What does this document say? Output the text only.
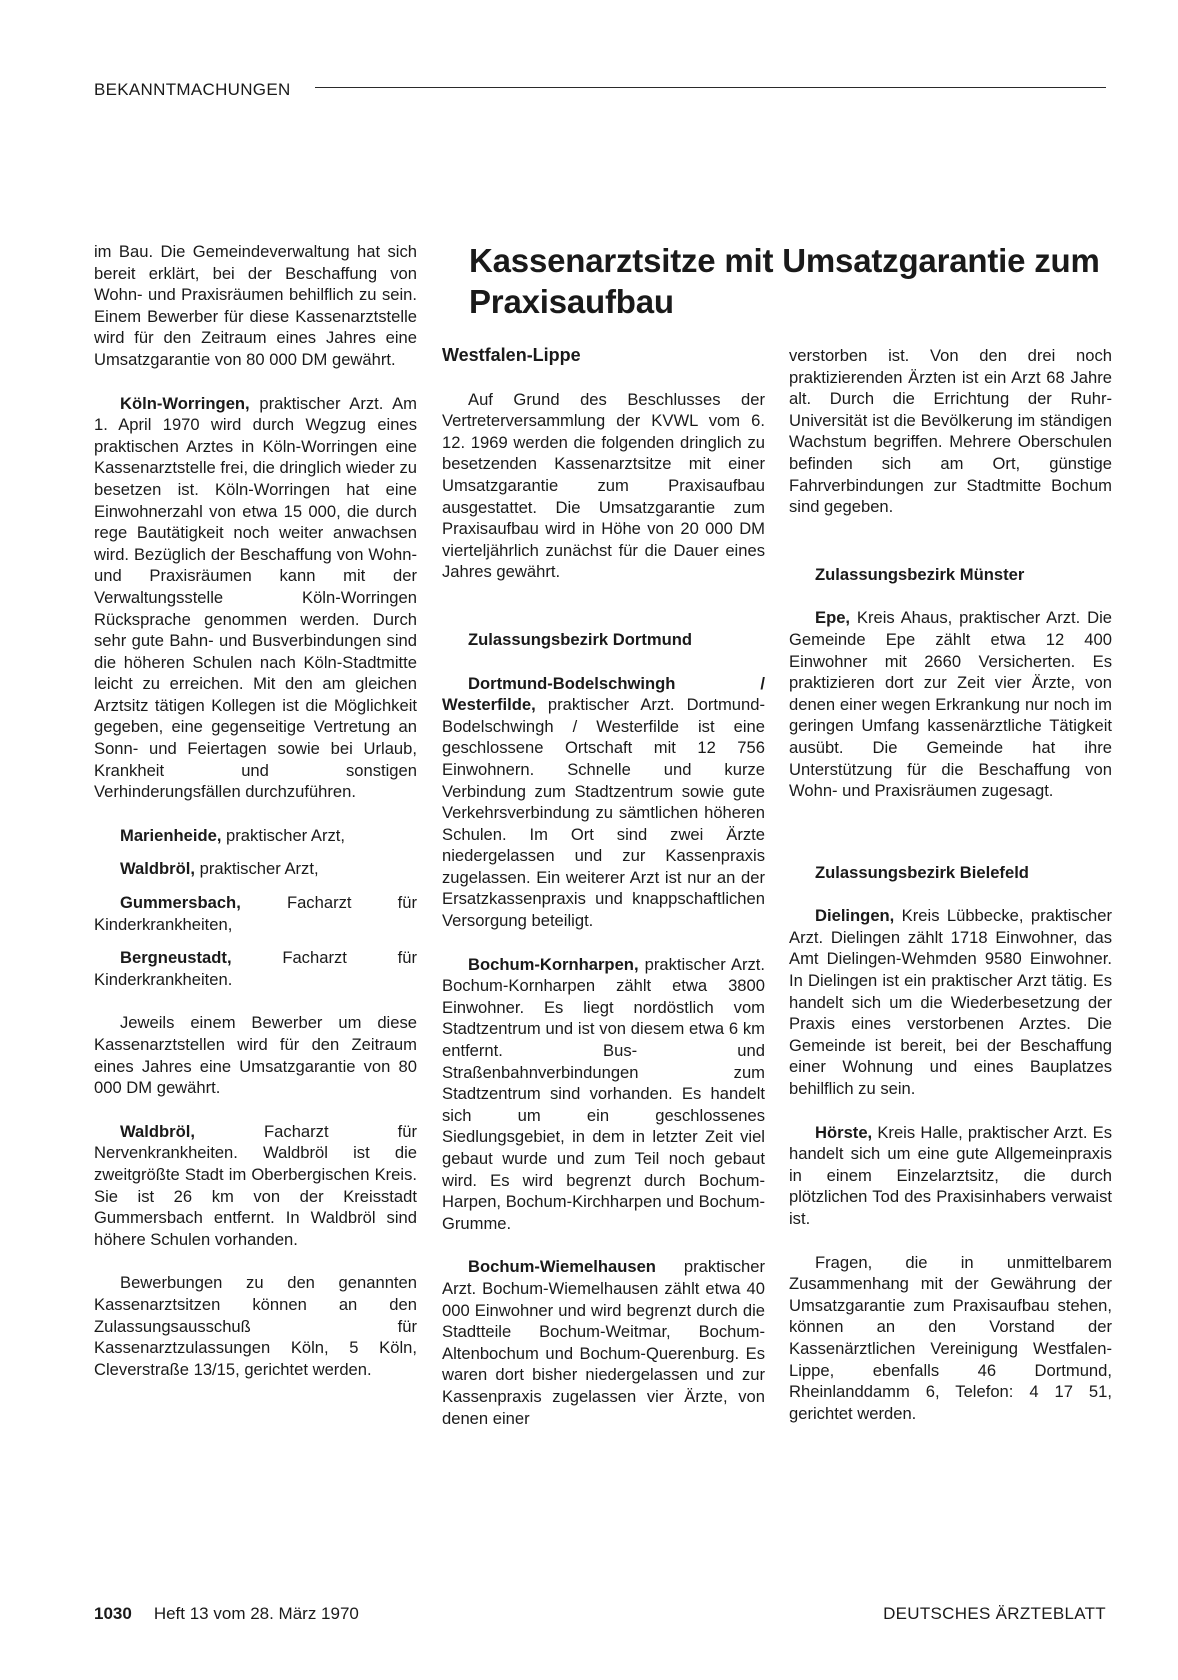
BEKANNTMACHUNGEN
Kassenarztsitze mit Umsatzgarantie zum Praxisaufbau

im Bau. Die Gemeindeverwaltung hat sich bereit erklärt, bei der Beschaffung von Wohn- und Praxisräumen behilflich zu sein. Einem Bewerber für diese Kassenarztstelle wird für den Zeitraum eines Jahres eine Umsatzgarantie von 80 000 DM gewährt.

Köln-Worringen, praktischer Arzt. Am 1. April 1970 wird durch Wegzug eines praktischen Arztes in Köln-Worringen eine Kassenarztstelle frei, die dringlich wieder zu besetzen ist. Köln-Worringen hat eine Einwohnerzahl von etwa 15 000, die durch rege Bautätigkeit noch weiter anwachsen wird. Bezüglich der Beschaffung von Wohn- und Praxisräumen kann mit der Verwaltungsstelle Köln-Worringen Rücksprache genommen werden. Durch sehr gute Bahn- und Busverbindungen sind die höheren Schulen nach Köln-Stadtmitte leicht zu erreichen. Mit den am gleichen Arztsitz tätigen Kollegen ist die Möglichkeit gegeben, eine gegenseitige Vertretung an Sonn- und Feiertagen sowie bei Urlaub, Krankheit und sonstigen Verhinderungsfällen durchzuführen.

Marienheide, praktischer Arzt,

Waldbröl, praktischer Arzt,

Gummersbach, Facharzt für Kinderkrankheiten,

Bergneustadt, Facharzt für Kinderkrankheiten.

Jeweils einem Bewerber um diese Kassenarztstellen wird für den Zeitraum eines Jahres eine Umsatzgarantie von 80 000 DM gewährt.

Waldbröl, Facharzt für Nervenkrankheiten. Waldbröl ist die zweitgrößte Stadt im Oberbergischen Kreis. Sie ist 26 km von der Kreisstadt Gummersbach entfernt. In Waldbröl sind höhere Schulen vorhanden.

Bewerbungen zu den genannten Kassenarztsitzen können an den Zulassungsausschuß für Kassenarztzulassungen Köln, 5 Köln, Cleverstraße 13/15, gerichtet werden.

Westfalen-Lippe

Auf Grund des Beschlusses der Vertreterversammlung der KVWL vom 6. 12. 1969 werden die folgenden dringlich zu besetzenden Kassenarztsitze mit einer Umsatzgarantie zum Praxisaufbau ausgestattet. Die Umsatzgarantie zum Praxisaufbau wird in Höhe von 20 000 DM vierteljährlich zunächst für die Dauer eines Jahres gewährt.

Zulassungsbezirk Dortmund

Dortmund-Bodelschwingh / Westerfilde, praktischer Arzt. Dortmund-Bodelschwingh / Westerfilde ist eine geschlossene Ortschaft mit 12 756 Einwohnern. Schnelle und kurze Verbindung zum Stadtzentrum sowie gute Verkehrsverbindung zu sämtlichen höheren Schulen. Im Ort sind zwei Ärzte niedergelassen und zur Kassenpraxis zugelassen. Ein weiterer Arzt ist nur an der Ersatzkassenpraxis und knappschaftlichen Versorgung beteiligt.

Bochum-Kornharpen, praktischer Arzt. Bochum-Kornharpen zählt etwa 3800 Einwohner. Es liegt nordöstlich vom Stadtzentrum und ist von diesem etwa 6 km entfernt. Bus- und Straßenbahnverbindungen zum Stadtzentrum sind vorhanden. Es handelt sich um ein geschlossenes Siedlungsgebiet, in dem in letzter Zeit viel gebaut wurde und zum Teil noch gebaut wird. Es wird begrenzt durch Bochum-Harpen, Bochum-Kirchharpen und Bochum-Grumme.

Bochum-Wiemelhausen praktischer Arzt. Bochum-Wiemelhausen zählt etwa 40 000 Einwohner und wird begrenzt durch die Stadtteile Bochum-Weitmar, Bochum-Altenbochum und Bochum-Querenburg. Es waren dort bisher niedergelassen und zur Kassenpraxis zugelassen vier Ärzte, von denen einer

verstorben ist. Von den drei noch praktizierenden Ärzten ist ein Arzt 68 Jahre alt. Durch die Errichtung der Ruhr-Universität ist die Bevölkerung im ständigen Wachstum begriffen. Mehrere Oberschulen befinden sich am Ort, günstige Fahrverbindungen zur Stadtmitte Bochum sind gegeben.

Zulassungsbezirk Münster

Epe, Kreis Ahaus, praktischer Arzt. Die Gemeinde Epe zählt etwa 12 400 Einwohner mit 2660 Versicherten. Es praktizieren dort zur Zeit vier Ärzte, von denen einer wegen Erkrankung nur noch im geringen Umfang kassenärztliche Tätigkeit ausübt. Die Gemeinde hat ihre Unterstützung für die Beschaffung von Wohn- und Praxisräumen zugesagt.

Zulassungsbezirk Bielefeld

Dielingen, Kreis Lübbecke, praktischer Arzt. Dielingen zählt 1718 Einwohner, das Amt Dielingen-Wehmden 9580 Einwohner. In Dielingen ist ein praktischer Arzt tätig. Es handelt sich um die Wiederbesetzung der Praxis eines verstorbenen Arztes. Die Gemeinde ist bereit, bei der Beschaffung einer Wohnung und eines Bauplatzes behilflich zu sein.

Hörste, Kreis Halle, praktischer Arzt. Es handelt sich um eine gute Allgemeinpraxis in einem Einzelarztsitz, die durch plötzlichen Tod des Praxisinhabers verwaist ist.

Fragen, die in unmittelbarem Zusammenhang mit der Gewährung der Umsatzgarantie zum Praxisaufbau stehen, können an den Vorstand der Kassenärztlichen Vereinigung Westfalen-Lippe, ebenfalls 46 Dortmund, Rheinlanddamm 6, Telefon: 4 17 51, gerichtet werden.

1030 Heft 13 vom 28. März 1970	DEUTSCHES ÄRZTEBLATT
